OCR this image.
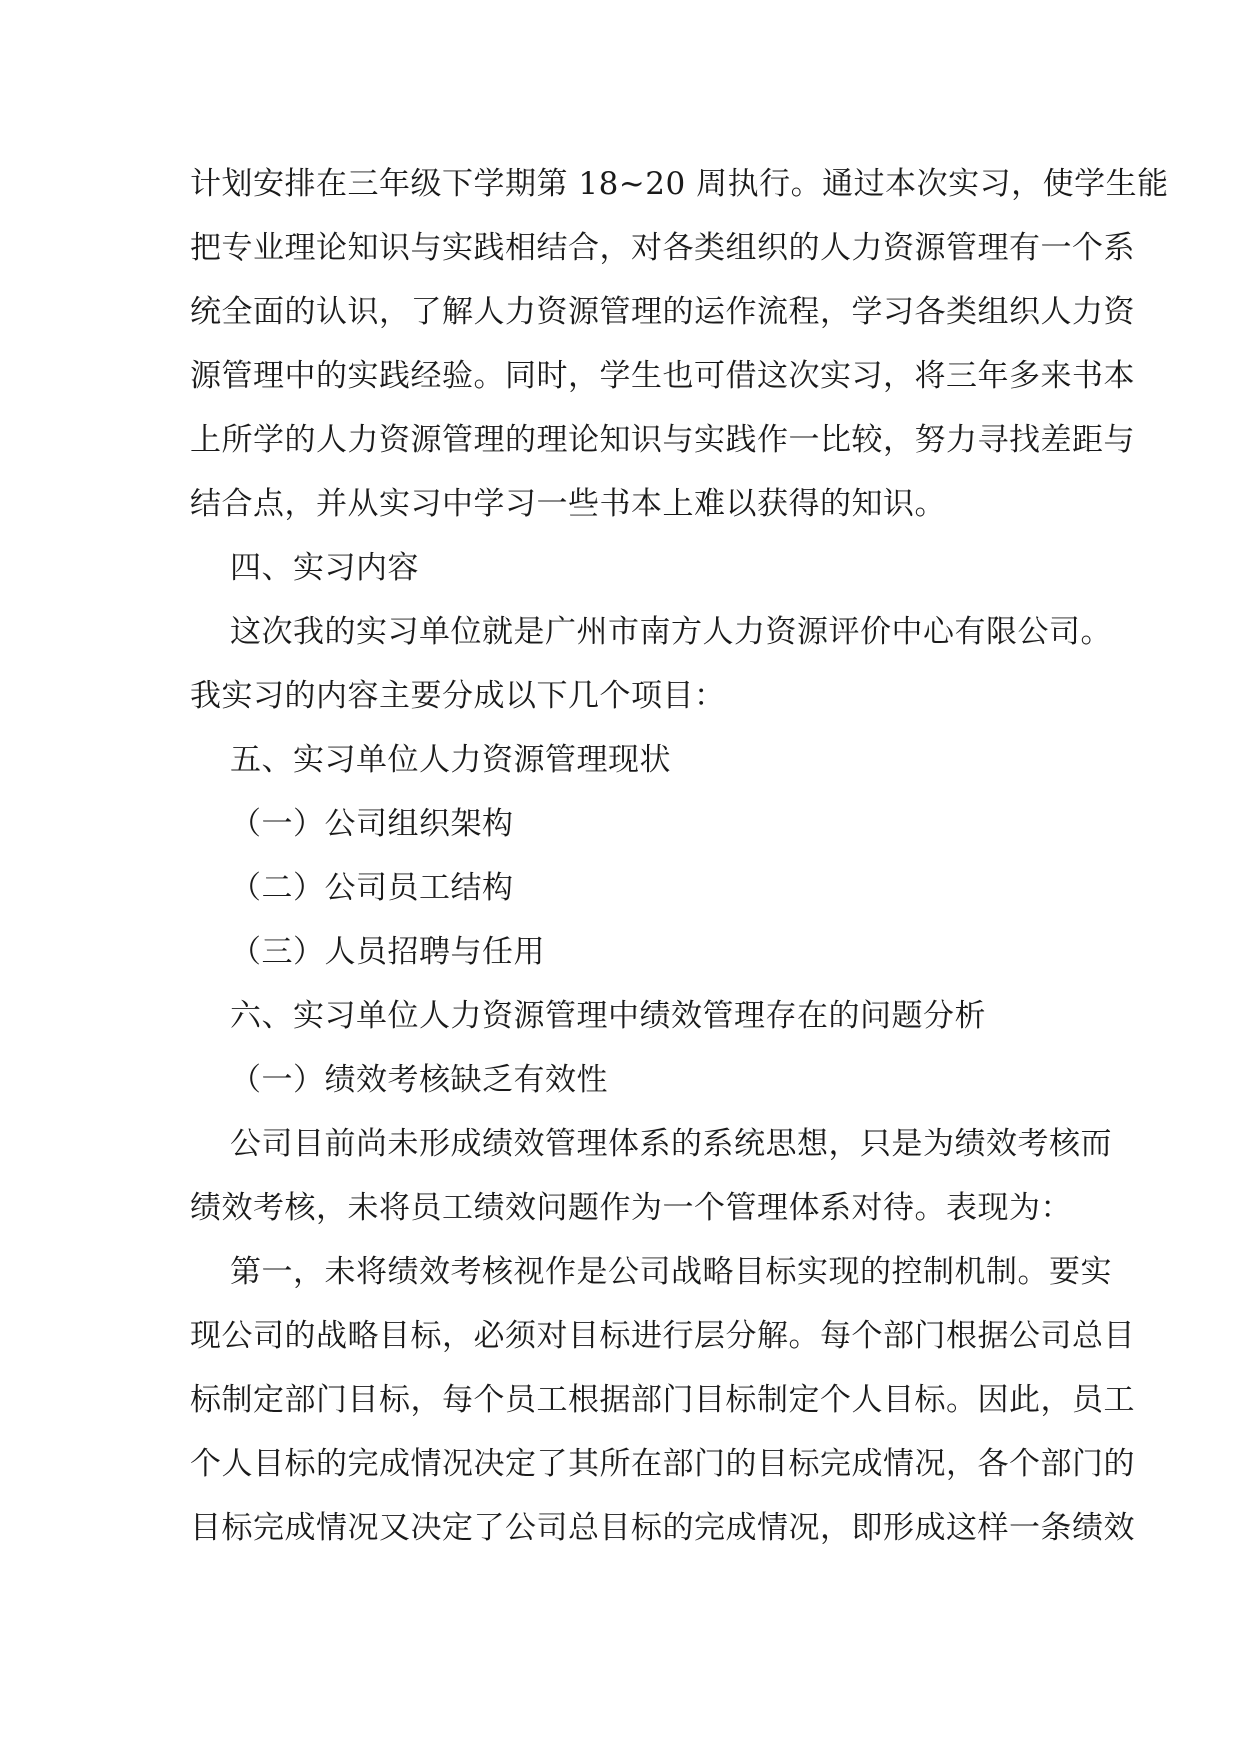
计划安排在三年级下学期第 18~20 周执行。通过本次实习，使学生能
把专业理论知识与实践相结合，对各类组织的人力资源管理有一个系
统全面的认识，了解人力资源管理的运作流程，学习各类组织人力资
源管理中的实践经验。同时，学生也可借这次实习，将三年多来书本
上所学的人力资源管理的理论知识与实践作一比较，努力寻找差距与
结合点，并从实习中学习一些书本上难以获得的知识。
四、实习内容
这次我的实习单位就是广州市南方人力资源评价中心有限公司。
我实习的内容主要分成以下几个项目：
五、实习单位人力资源管理现状
（一）公司组织架构
（二）公司员工结构
（三）人员招聘与任用
六、实习单位人力资源管理中绩效管理存在的问题分析
（一）绩效考核缺乏有效性
公司目前尚未形成绩效管理体系的系统思想，只是为绩效考核而
绩效考核，未将员工绩效问题作为一个管理体系对待。表现为：
第一，未将绩效考核视作是公司战略目标实现的控制机制。要实
现公司的战略目标，必须对目标进行层分解。每个部门根据公司总目
标制定部门目标，每个员工根据部门目标制定个人目标。因此，员工
个人目标的完成情况决定了其所在部门的目标完成情况，各个部门的
目标完成情况又决定了公司总目标的完成情况，即形成这样一条绩效
